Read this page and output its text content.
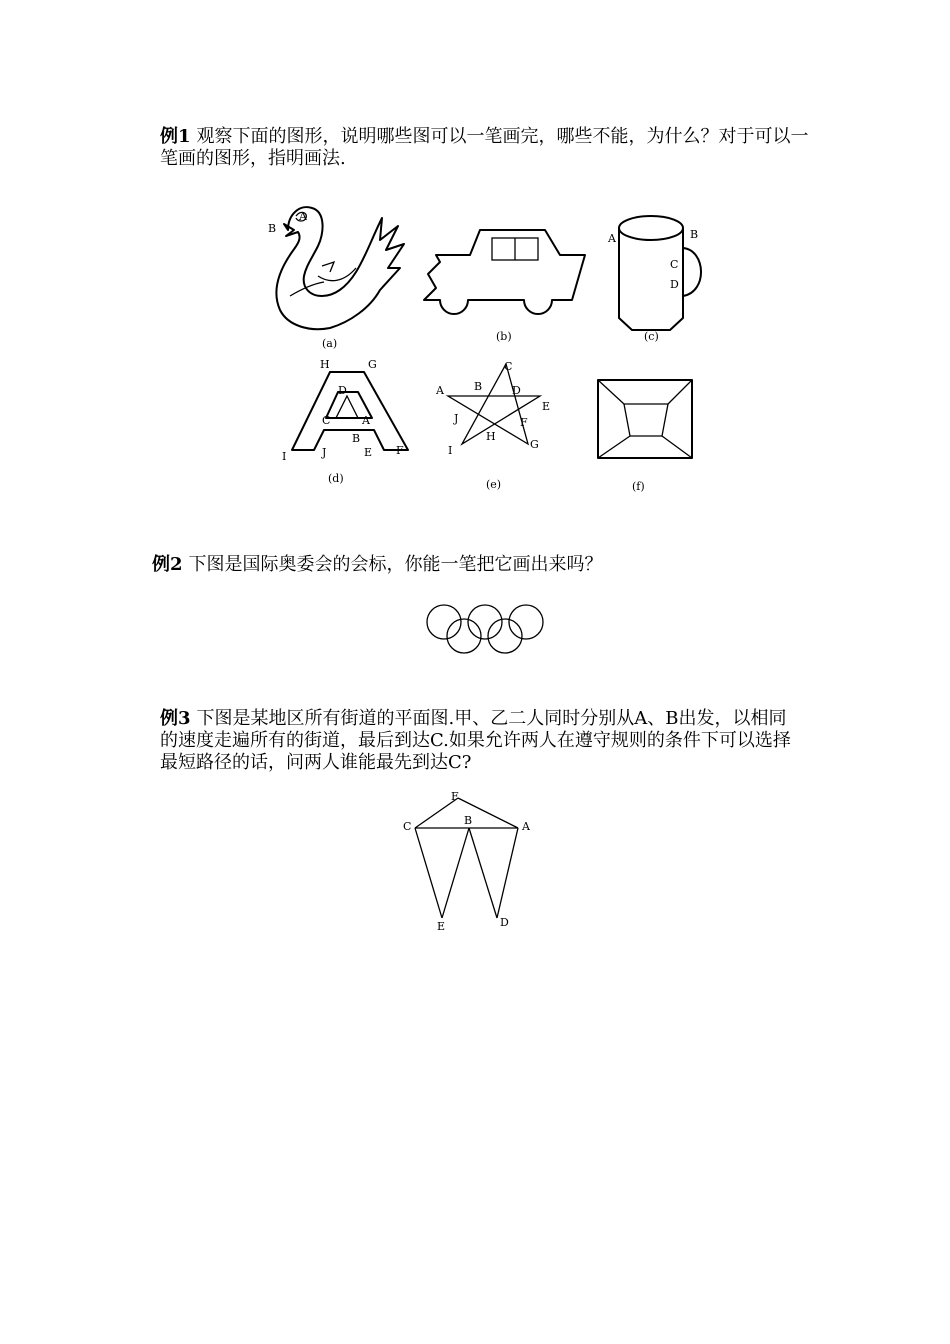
例1 观察下面的图形，说明哪些图可以一笔画完，哪些不能，为什么？对于可以一笔画的图形，指明画法.
例2 下图是国际奥委会的会标，你能一笔把它画出来吗？
例3 下图是某地区所有街道的平面图.甲、乙二人同时分别从A、B出发，以相同的速度走遍所有的街道，最后到达C.如果允许两人在遵守规则的条件下可以选择最短路径的话，问两人谁能最先到达C?
A
B
(a)
(b)
A	B
C
D
(c)
H	G
D
C	A
B
I	J	E F
(d)
C
A	B	D
E
J	F
H
I	G
(e)	(f)
F
C	B	A
E	D
